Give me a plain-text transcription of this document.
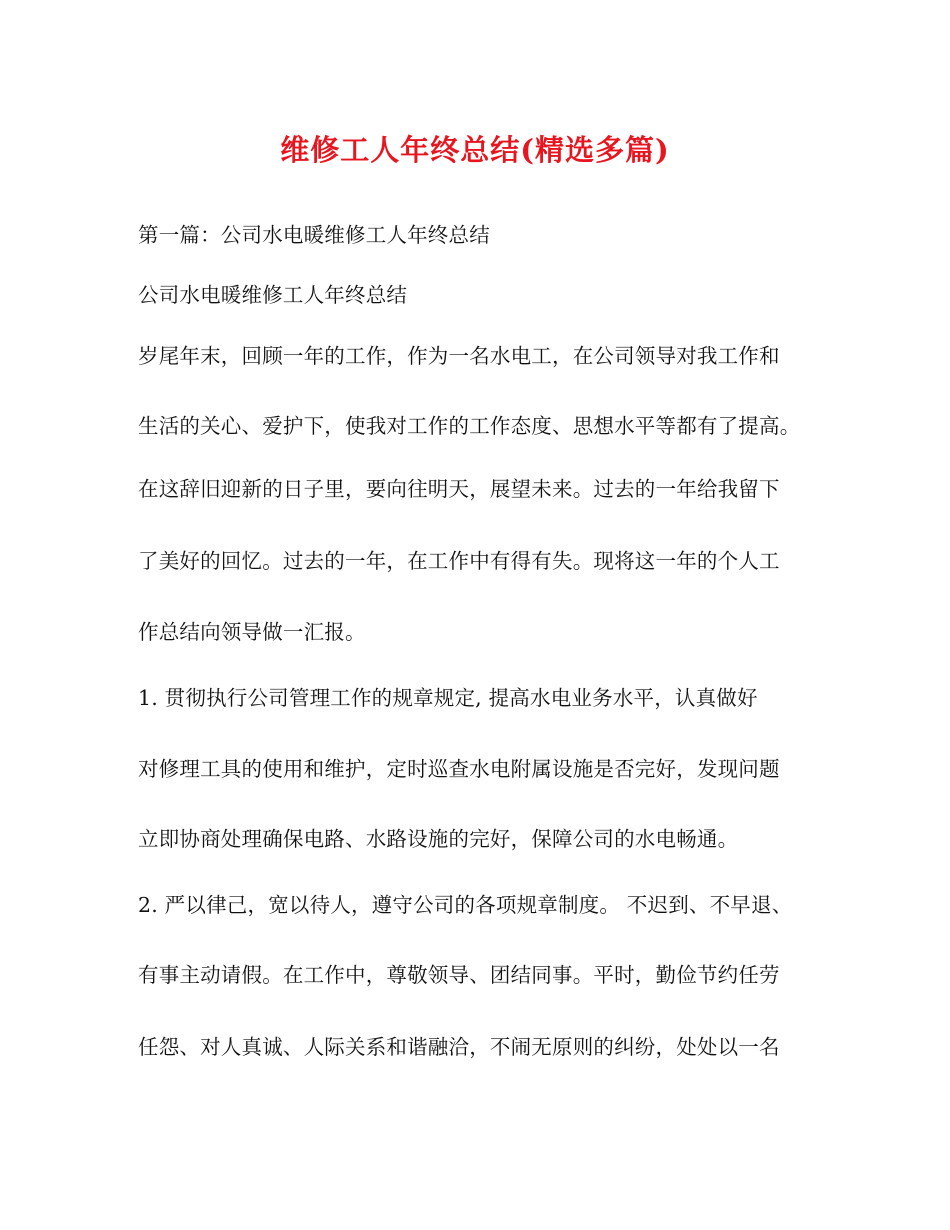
维修工人年终总结(精选多篇)
第一篇：公司水电暖维修工人年终总结
公司水电暖维修工人年终总结
岁尾年末，回顾一年的工作，作为一名水电工，在公司领导对我工作和
生活的关心、爱护下，使我对工作的工作态度、思想水平等都有了提高。
在这辞旧迎新的日子里，要向往明天，展望未来。过去的一年给我留下
了美好的回忆。过去的一年，在工作中有得有失。现将这一年的个人工
作总结向领导做一汇报。
1. 贯彻执行公司管理工作的规章规定, 提高水电业务水平，认真做好
对修理工具的使用和维护，定时巡查水电附属设施是否完好，发现问题
立即协商处理确保电路、水路设施的完好，保障公司的水电畅通。
2. 严以律己，宽以待人，遵守公司的各项规章制度。 不迟到、不早退、
有事主动请假。在工作中，尊敬领导、团结同事。平时，勤俭节约任劳
任怨、对人真诚、人际关系和谐融洽，不闹无原则的纠纷，处处以一名
